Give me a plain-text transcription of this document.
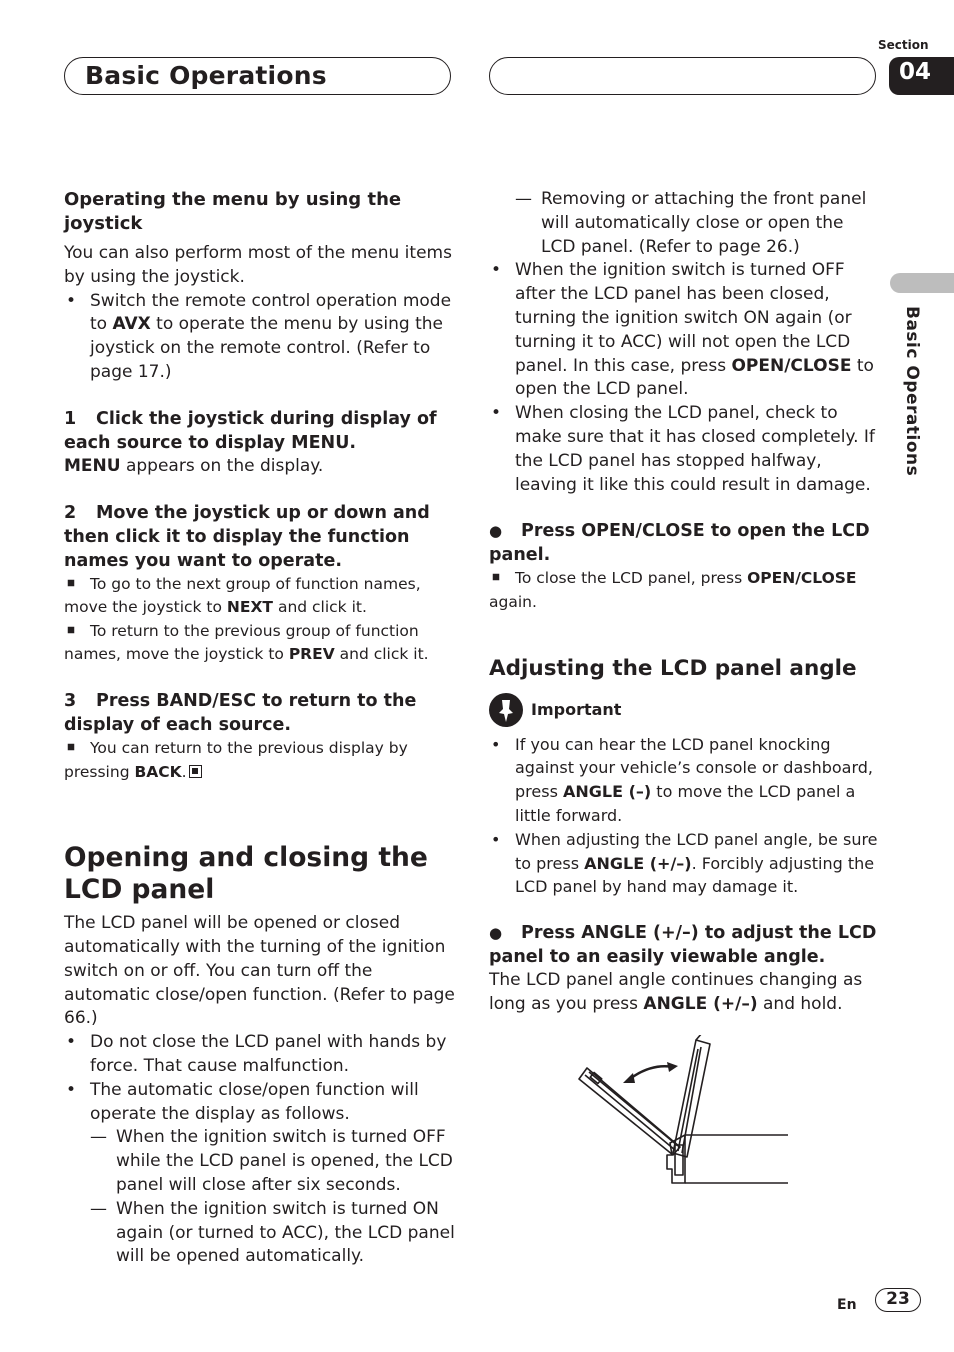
Basic Operations
Section
04
Basic Operations

Operating the menu by using the joystick

You can also perform most of the menu items by using the joystick.

• Switch the remote control operation mode to AVX to operate the menu by using the joystick on the remote control. (Refer to page 17.)

1 Click the joystick during display of each source to display MENU.

MENU appears on the display.

2 Move the joystick up or down and then click it to display the function names you want to operate.

To go to the next group of function names, move the joystick to NEXT and click it.

To return to the previous group of function names, move the joystick to PREV and click it.

3 Press BAND/ESC to return to the display of each source.

You can return to the previous display by pressing BACK.

Opening and closing the LCD panel

The LCD panel will be opened or closed automatically with the turning of the ignition switch on or off. You can turn off the automatic close/open function. (Refer to page 66.)

• Do not close the LCD panel with hands by force. That cause malfunction.

• The automatic close/open function will operate the display as follows.

— When the ignition switch is turned OFF while the LCD panel is opened, the LCD panel will close after six seconds.

— When the ignition switch is turned ON again (or turned to ACC), the LCD panel will be opened automatically.

— Removing or attaching the front panel will automatically close or open the LCD panel. (Refer to page 26.)

• When the ignition switch is turned OFF after the LCD panel has been closed, turning the ignition switch ON again (or turning it to ACC) will not open the LCD panel. In this case, press OPEN/CLOSE to open the LCD panel.

• When closing the LCD panel, check to make sure that it has closed completely. If the LCD panel has stopped halfway, leaving it like this could result in damage.

● Press OPEN/CLOSE to open the LCD panel.

To close the LCD panel, press OPEN/CLOSE again.

Adjusting the LCD panel angle

Important

• If you can hear the LCD panel knocking against your vehicle’s console or dashboard, press ANGLE (–) to move the LCD panel a little forward.

• When adjusting the LCD panel angle, be sure to press ANGLE (+/–). Forcibly adjusting the LCD panel by hand may damage it.

● Press ANGLE (+/–) to adjust the LCD panel to an easily viewable angle.

The LCD panel angle continues changing as long as you press ANGLE (+/–) and hold.

En	23
